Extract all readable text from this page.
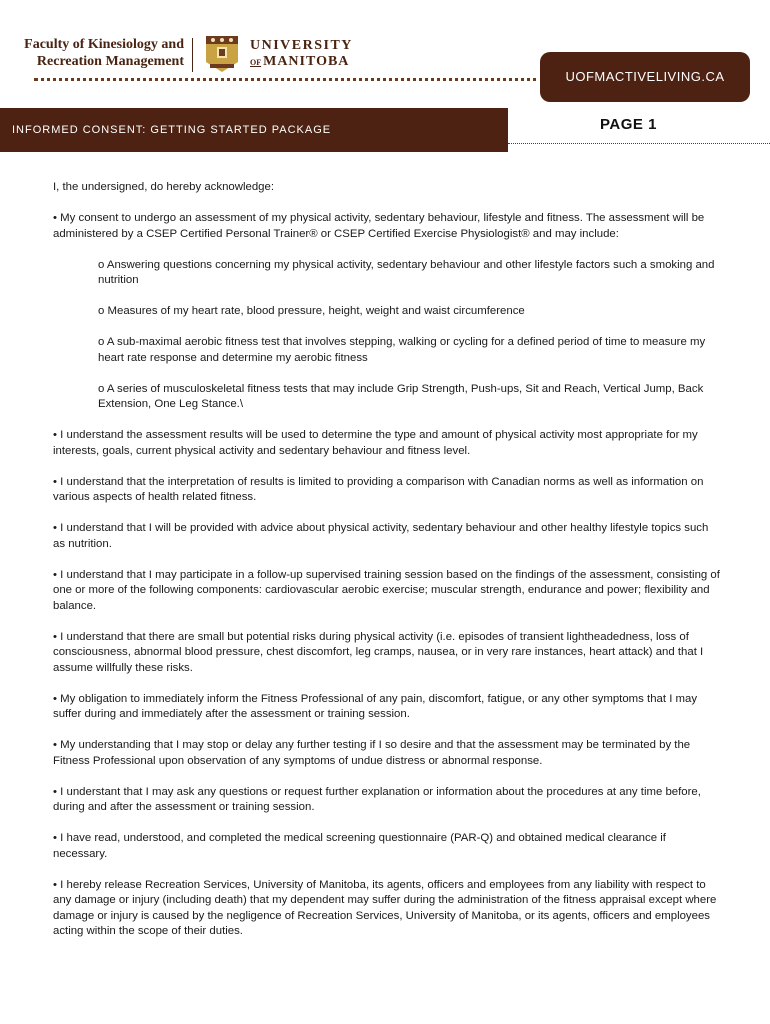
Faculty of Kinesiology and
Recreation Management
UNIVERSITY
OF MANITOBA
UOFMACTIVELIVING.CA
INFORMED CONSENT: GETTING STARTED PACKAGE	PAGE 1

I, the undersigned, do hereby acknowledge:

• My consent to undergo an assessment of my physical activity, sedentary behaviour, lifestyle and fitness. The assessment will be administered by a CSEP Certified Personal Trainer® or CSEP Certified Exercise Physiologist® and may include:

o Answering questions concerning my physical activity, sedentary behaviour and other lifestyle factors such a smoking and nutrition

o Measures of my heart rate, blood pressure, height, weight and waist circumference

o A sub-maximal aerobic fitness test that involves stepping, walking or cycling for a defined period of time to measure my heart rate response and determine my aerobic fitness

o A series of musculoskeletal fitness tests that may include Grip Strength, Push-ups, Sit and Reach, Vertical Jump, Back Extension, One Leg Stance.\

• I understand the assessment results will be used to determine the type and amount of physical activity most appropriate for my interests, goals, current physical activity and sedentary behaviour and fitness level.

• I understand that the interpretation of results is limited to providing a comparison with Canadian norms as well as information on various aspects of health related fitness.

• I understand that I will be provided with advice about physical activity, sedentary behaviour and other healthy lifestyle topics such as nutrition.

• I understand that I may participate in a follow-up supervised training session based on the findings of the assessment, consisting of one or more of the following components: cardiovascular aerobic exercise; muscular strength, endurance and power; flexibility and balance.

• I understand that there are small but potential risks during physical activity (i.e. episodes of transient lightheadedness, loss of consciousness, abnormal blood pressure, chest discomfort, leg cramps, nausea, or in very rare instances, heart attack) and that I assume willfully these risks.

• My obligation to immediately inform the Fitness Professional of any pain, discomfort, fatigue, or any other symptoms that I may suffer during and immediately after the assessment or training session.

• My understanding that I may stop or delay any further testing if I so desire and that the assessment may be terminated by the Fitness Professional upon observation of any symptoms of undue distress or abnormal response.

• I understant that I may ask any questions or request further explanation or information about the procedures at any time before, during and after the assessment or training session.

• I have read, understood, and completed the medical screening questionnaire (PAR-Q) and obtained medical clearance if necessary.

• I hereby release Recreation Services, University of Manitoba, its agents, officers and employees from any liability with respect to any damage or injury (including death) that my dependent may suffer during the administration of the fitness appraisal except where damage or injury is caused by the negligence of Recreation Services, University of Manitoba, or its agents, officers and employees acting within the scope of their duties.
